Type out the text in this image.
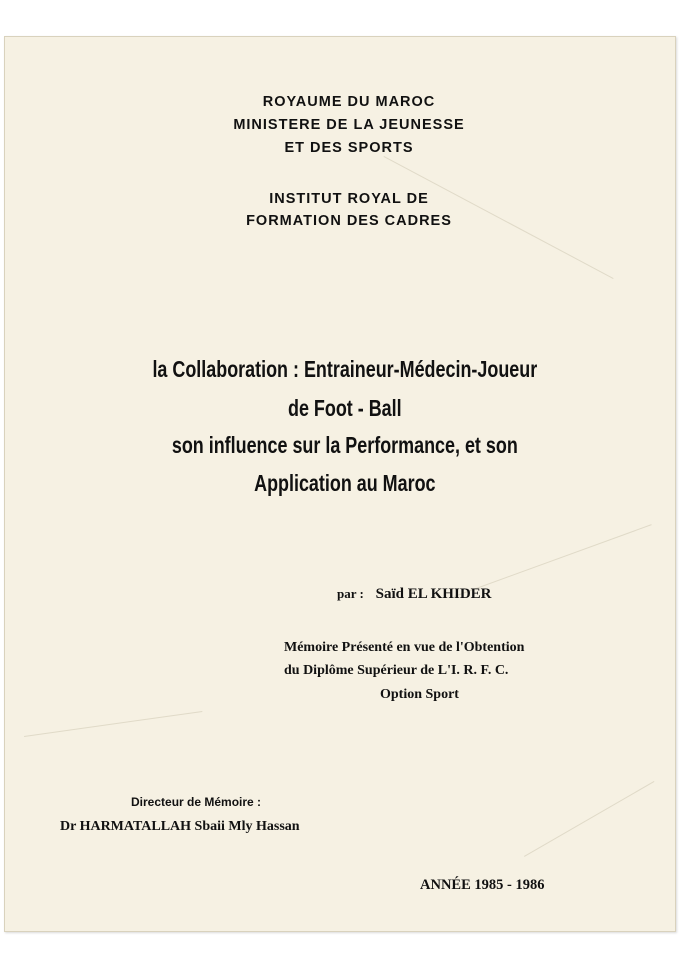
ROYAUME DU MAROC
MINISTERE DE LA JEUNESSE
ET DES SPORTS
INSTITUT ROYAL DE
FORMATION DES CADRES
la Collaboration : Entraineur-Médecin-Joueur
de Foot - Ball
son influence sur la Performance, et son
Application au Maroc
par : Saïd EL KHIDER
Mémoire Présenté en vue de l'Obtention
du Diplôme Supérieur de L'I. R. F. C.
Option Sport
Directeur de Mémoire :
Dr HARMATALLAH Sbaii Mly Hassan
ANNÉE 1985 - 1986
